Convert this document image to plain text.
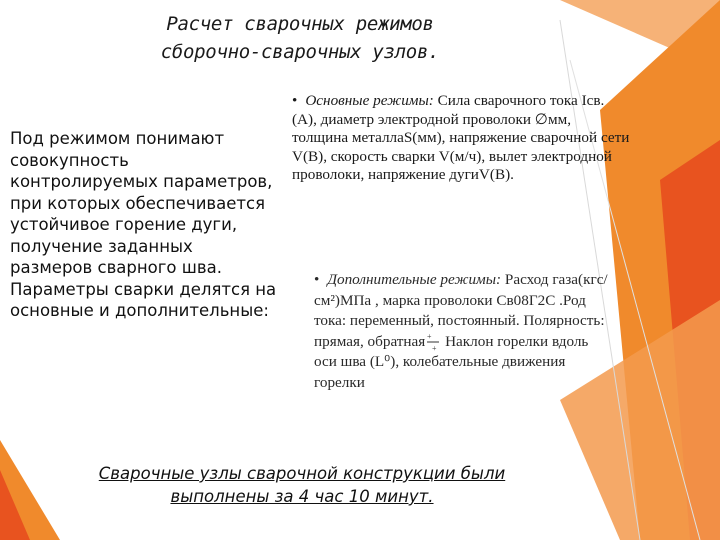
Расчет сварочных режимов
сборочно-сварочных узлов.
Под режимом понимают совокупность контролируемых параметров, при которых обеспечивается устойчивое горение дуги, получение заданных размеров сварного шва. Параметры сварки делятся на основные и дополнительные:
• Основные режимы: Сила сварочного тока Iсв. (А), диаметр электродной проволоки ∅мм, толщина металлаS(мм), напряжение сварочной сети V(В), скорость сварки V(м/ч), вылет электродной проволоки, напряжение дугиV(В).
• Дополнительные режимы: Расход газа(кгс/см²)МПа , марка проволоки Св08Г2С .Род тока: переменный, постоянный. Полярность: прямая, обратная +
+ Наклон горелки вдоль оси шва (L⁰), колебательные движения горелки
Сварочные узлы сварочной конструкции были
выполнены за 4 час 10 минут.
